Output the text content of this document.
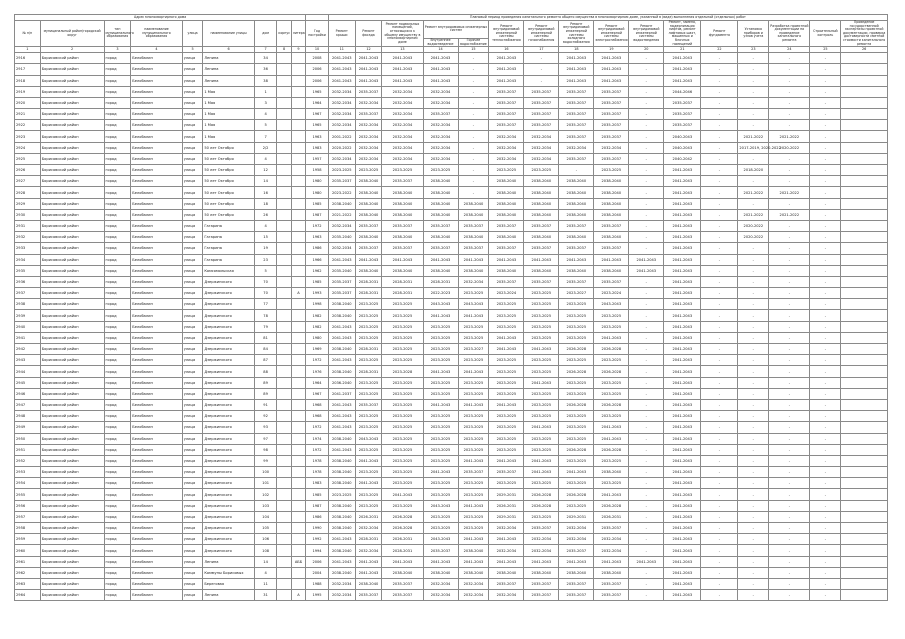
Адрес многоквартирного дома										Плановый период проведения капитального ремонта общего имущества в многоквартирном доме, указанный в (виде) выполнения отдельной (отдельных) работ															
№ п/п	муниципальный район/городской округ	тип муниципального образования	наименование муниципального образования	улица	наименование улицы	дом	корпус	литера	Год постройки	Ремонт крыши	Ремонт фасада	Ремонт подвальных помещений, относящихся к общему имуществу в многоквартирном доме	Ремонт внутридомовых инженерных систем		Ремонт внутридомовой инженерной системы теплоснабжения	Ремонт внутридомовой инженерной системы газоснабжения	Ремонт внутридомовой инженерной системы холодного водоснабжения	Ремонт внутридомовой инженерной системы электроснабжения	Ремонт внутридомовой инженерной системы водоотведения	Ремонт, замена, модернизация лифтов, ремонт лифтовых шахт, машинных и блочных помещений	Ремонт фундамента	Установка приборов и узлов учета	Разработка проектной документации на проведение капитального ремонта	Строительный контроль	Проведение государственной экспертизы проектной документации, проверка достоверности сметной стоимости капитального ремонта

													Внутреннее водоотведение	Горячее водоснабжение											
1	2	3	4	5	6	7	8	9	10	11	12	13	14	15	16	17	18	19	20	21	22	23	24	25	26
2916	Борисовский район	город	Белобалин	улица	Ленина	34			2008	2041-2043	2041-2043	2041-2043	2041-2043	-	2041-2043	-	2041-2043	2041-2043	-	2041-2043	-	-	-	-	
2917	Борисовский район	город	Белобалин	улица	Ленина	36			2006	2041-2043	2041-2043	2041-2043	2041-2043	-	2041-2043	-	2041-2043	2041-2043	-	2041-2043	-	-	-	-	
2918	Борисовский район	город	Белобалин	улица	Ленина	38			2006	2041-2043	2041-2043	2041-2043	2041-2043	-	2041-2043	-	2041-2043	2041-2043	-	2041-2043	-	-	-	-	
2919	Борисовский район	город	Белобалин	улица	1 Мая	1			1965	2032-2034	2035-2037	2032-2034	2032-2034	-	2035-2037	2035-2037	2035-2037	2035-2037	-	2044-2046	-	-	-	-	
2920	Борисовский район	город	Белобалин	улица	1 Мая	3			1964	2032-2034	2032-2034	2032-2034	2032-2034	-	2035-2037	2035-2037	2035-2037	2035-2037	-	2035-2037	-	-	-	-	
2921	Борисовский район	город	Белобалин	улица	1 Мая	4			1967	2032-2034	2035-2037	2032-2034	2035-2037	-	2035-2037	2035-2037	2035-2037	2035-2037	-	2035-2037	-	-	-	-	
2922	Борисовский район	город	Белобалин	улица	1 Мая	5			1965	2032-2034	2032-2034	2032-2034	2032-2034	-	2035-2037	2035-2037	2035-2037	2035-2037	-	2035-2037	-	-	-	-	
2923	Борисовский район	город	Белобалин	улица	1 Мая	7			1963	2001-2022	2032-2034	2032-2034	2032-2034	-	2032-2034	2032-2034	2035-2037	2035-2037	-	2040-2043	-	2021-2022	2021-2022	-	
2924	Борисовский район	город	Белобалин	улица	50 лет Октября	2/2			1983	2020-2022	2032-2034	2032-2034	2032-2034	-	2032-2034	2032-2034	2032-2034	2032-2034	-	2040-2043	-	2017-2019, 2020-2022	2020-2022	-	
2925	Борисовский район	город	Белобалин	улица	50 лет Октября	4			1957	2032-2034	2032-2034	2032-2034	2032-2034	-	2032-2034	2032-2034	2035-2037	2035-2037	-	2040-2042	-	-	-	-	
2926	Борисовский район	город	Белобалин	улица	50 лет Октября	12			1958	2023-2025	2023-2025	2023-2025	2023-2025	-	2023-2025	2023-2025	-	2023-2025	-	2041-2043	-	2018-2020	-	-	
2927	Борисовский район	город	Белобалин	улица	50 лет Октября	14			1980	2035-2037	2038-2040	2035-2037	2038-2040	-	2038-2040	2038-2040	2038-2040	2038-2040	-	2041-2043	-	-	-	-	
2928	Борисовский район	город	Белобалин	улица	50 лет Октября	16			1980	2023-2022	2038-2040	2038-2040	2038-2040	-	2038-2040	2038-2040	2038-2040	2038-2040	-	2041-2043	-	2021-2022	2021-2022	-	
2929	Борисовский район	город	Белобалин	улица	50 лет Октября	18			1985	2038-2040	2038-2040	2038-2040	2038-2040	2038-2040	2038-2040	2038-2040	2038-2040	2038-2040	-	2041-2043	-	-	-	-	
2930	Борисовский район	город	Белобалин	улица	50 лет Октября	26			1987	2021-2022	2038-2040	2038-2040	2038-2040	2038-2040	2038-2040	2038-2040	2038-2040	2038-2040	-	2041-2043	-	2021-2022	2021-2022	-	
2931	Борисовский район	город	Белобалин	улица	Гагарина	4			1972	2032-2034	2035-2037	2035-2037	2035-2037	2035-2037	2035-2037	2035-2037	2035-2037	2035-2037	-	2041-2043	-	2020-2022	-	-	
2932	Борисовский район	город	Белобалин	улица	Гагарина	15			1963	2035-2040	2038-2040	2038-2040	2038-2040	2038-2040	2038-2040	2038-2040	2038-2040	2038-2040	-	2041-2043	-	2020-2022	-	-	
2933	Борисовский район	город	Белобалин	улица	Гагарина	19			1986	2032-2034	2035-2037	2035-2037	2035-2037	2035-2037	2035-2037	2035-2037	2035-2037	2035-2037	-	2041-2043	-	-	-	-	
2934	Борисовский район	город	Белобалин	улица	Гагарина	23			1966	2041-2043	2041-2043	2041-2043	2041-2043	2041-2043	2041-2043	2041-2043	2041-2043	2041-2043	2041-2043	2041-2043	-	-	-	-	
2935	Борисовский район	город	Белобалин	улица	Комсомольская	5			1962	2035-2040	2038-2040	2038-2040	2038-2040	2038-2040	2038-2040	2038-2040	2038-2040	2038-2040	2041-2043	2041-2043	-	-	-	-	
2936	Борисовский район	город	Белобалин	улица	Дзержинского	70			1985	2035-2037	2028-2031	2028-2031	2028-2031	2032-2034	2035-2037	2035-2037	2035-2037	2035-2037	-	2041-2043	-	-	-	-	
2937	Борисовский район	город	Белобалин	улица	Дзержинского	70		А	1993	2035-2037	2028-2031	2028-2031	2022-2023	2023-2025	2023-2024	2023-2025	2023-2027	2023-2024	-	2041-2043	-	-	-	-	
2938	Борисовский район	город	Белобалин	улица	Дзержинского	77			1998	2038-2040	2023-2025	2023-2025	2043-2043	2043-2043	2023-2025	2023-2025	2023-2025	2043-2043	-	2041-2043	-	-	-	-	
2939	Борисовский район	город	Белобалин	улица	Дзержинского	78			1982	2038-2040	2023-2025	2023-2025	2041-2043	2041-2043	2023-2025	2023-2025	2023-2025	2023-2025	-	2041-2043	-	-	-	-	
2940	Борисовский район	город	Белобалин	улица	Дзержинского	79			1982	2041-2043	2023-2025	2023-2025	2023-2025	2023-2025	2023-2025	2023-2025	2023-2025	2023-2025	-	2041-2043	-	-	-	-	
2941	Борисовский район	город	Белобалин	улица	Дзержинского	81			1980	2041-2043	2023-2025	2023-2025	2023-2025	2023-2025	2041-2043	2023-2025	2023-2025	2041-2043	-	2041-2043	-	-	-	-	
2942	Борисовский район	город	Белобалин	улица	Дзержинского	84			1969	2038-2040	2028-2031	2023-2025	2023-2025	2023-2027	2041-2043	2041-2043	2026-2028	2026-2028	-	2041-2043	-	-	-	-	
2943	Борисовский район	город	Белобалин	улица	Дзержинского	87			1972	2041-2043	2023-2025	2023-2025	2023-2025	2023-2025	2023-2025	2023-2025	2023-2025	2023-2025	-	2041-2043	-	-	-	-	
2944	Борисовский район	город	Белобалин	улица	Дзержинского	88			1976	2038-2040	2028-2031	2023-2028	2041-2043	2041-2043	2023-2025	2023-2025	2026-2028	2026-2028	-	2041-2043	-	-	-	-	
2945	Борисовский район	город	Белобалин	улица	Дзержинского	89			1964	2036-2040	2023-2025	2023-2025	2023-2025	2023-2025	2023-2025	2041-2043	2023-2025	2023-2025	-	2041-2043	-	-	-	-	
2946	Борисовский район	город	Белобалин	улица	Дзержинского	89			1967	2041-2037	2023-2025	2023-2025	2023-2025	2023-2025	2023-2025	2023-2025	2023-2025	2023-2025	-	2041-2043	-	-	-	-	
2947	Борисовский район	город	Белобалин	улица	Дзержинского	91			1968	2041-2043	2035-2037	2023-2025	2041-2043	2041-2043	2041-2043	2023-2025	2026-2028	2026-2028	-	2041-2043	-	-	-	-	
2948	Борисовский район	город	Белобалин	улица	Дзержинского	92			1968	2041-2043	2023-2025	2023-2025	2023-2025	2023-2025	2023-2025	2023-2025	2023-2025	2023-2025	-	2041-2043	-	-	-	-	
2949	Борисовский район	город	Белобалин	улица	Дзержинского	93			1972	2041-2043	2023-2025	2023-2025	2023-2025	2023-2025	2023-2025	2041-2043	2023-2025	2041-2043	-	2041-2043	-	-	-	-	
2950	Борисовский район	город	Белобалин	улица	Дзержинского	97			1974	2038-2040	2043-2043	2023-2025	2023-2025	2023-2025	2023-2025	2023-2025	2023-2025	2041-2043	-	2041-2043	-	-	-	-	
2951	Борисовский район	город	Белобалин	улица	Дзержинского	98			1972	2041-2043	2023-2025	2023-2025	2023-2025	2023-2025	2023-2025	2023-2025	2026-2028	2026-2028	-	2041-2043	-	-	-	-	
2952	Борисовский район	город	Белобалин	улица	Дзержинского	99			1978	2038-2040	2041-2043	2023-2025	2023-2025	2041-2043	2041-2043	2041-2043	2023-2025	2023-2025	-	2041-2043	-	-	-	-	
2953	Борисовский район	город	Белобалин	улица	Дзержинского	100			1978	2038-2040	2023-2025	2023-2025	2041-2043	2035-2037	2035-2037	2041-2043	2041-2043	2038-2040	-	2041-2043	-	-	-	-	
2954	Борисовский район	город	Белобалин	улица	Дзержинского	101			1983	2038-2040	2041-2043	2023-2025	2023-2025	2023-2025	2023-2025	2023-2025	2023-2025	2023-2025	-	2041-2043	-	-	-	-	
2955	Борисовский район	город	Белобалин	улица	Дзержинского	102			1985	2023-2025	2023-2025	2041-2043	2023-2025	2023-2025	2029-2031	2026-2028	2026-2028	2041-2043	-	2041-2043	-	-	-	-	
2956	Борисовский район	город	Белобалин	улица	Дзержинского	103			1987	2038-2040	2023-2025	2023-2025	2043-2043	2041-2043	2026-2031	2026-2028	2023-2025	2026-2028	-	2041-2043	-	-	-	-	
2957	Борисовский район	город	Белобалин	улица	Дзержинского	104			1986	2038-2040	2026-2031	2026-2028	2023-2025	2023-2025	2029-2031	2023-2025	2029-2031	2026-2031	-	2041-2043	-	-	-	-	
2958	Борисовский район	город	Белобалин	улица	Дзержинского	105			1990	2038-2040	2032-2034	2026-2028	2023-2025	2023-2025	2032-2034	2035-2037	2032-2034	2035-2037	-	2041-2043	-	-	-	-	
2959	Борисовский район	город	Белобалин	улица	Дзержинского	106			1992	2041-2043	2028-2031	2026-2031	2043-2043	2041-2043	2041-2043	2032-2034	2032-2034	2032-2034	-	2041-2043	-	-	-	-	
2960	Борисовский район	город	Белобалин	улица	Дзержинского	108			1994	2038-2040	2032-2034	2028-2031	2035-2037	2038-2040	2032-2034	2032-2034	2035-2037	2032-2034	-	2041-2043	-	-	-	-	
2961	Борисовский район	город	Белобалин	улица	Ленина	14		АББ	2006	2041-2043	2041-2043	2041-2043	2041-2043	2041-2043	2041-2043	2041-2043	2041-2043	2041-2043	2041-2043	2041-2043	-	-	-	-	
2962	Борисовский район	город	Белобалин	улица	Коммуны Борисовых	4			2004	2038-2040	2041-2043	2038-2040	2038-2040	2038-2040	2038-2040	2038-2040	2038-2040	2038-2040	-	2041-2043	-	-	-	-	
2963	Борисовский район	город	Белобалин	улица	Береговая	11			1988	2032-2034	2038-2040	2035-2037	2032-2034	2032-2034	2035-2037	2035-2037	2035-2037	2035-2037	-	2041-2043	-	-	-	-	
2964	Борисовский район	город	Белобалин	улица	Ленина	31		А	1995	2032-2034	2035-2037	2035-2037	2032-2034	2032-2034	2032-2034	2035-2037	2035-2037	2035-2037	-	2041-2043	-	-	-	-	
